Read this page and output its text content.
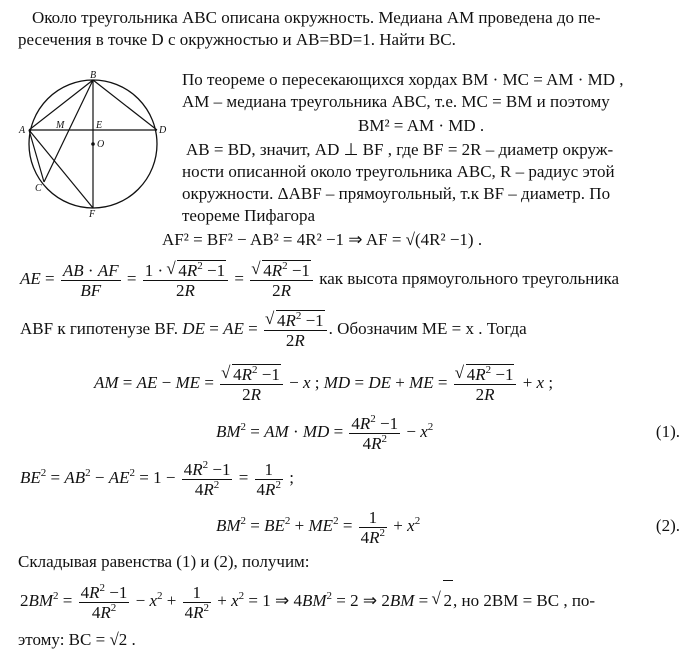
Около треугольника ABC описана окружность. Медиана AM проведена до пе-
ресечения в точке D с окружностью и AB=BD=1. Найти BC.
B
A	M	E	D
O
C
F
По теореме о пересекающихся хордах BM · MC = AM · MD ,
AM – медиана треугольника ABC, т.е. MC = BM и поэтому
BM² = AM · MD .
AB = BD, значит, AD ⊥ BF , где BF = 2R – диаметр окруж-
ности описанной около треугольника ABC, R – радиус этой
окружности. ΔABF – прямоугольный, т.к BF – диаметр. По
теореме Пифагора
AF² = BF² − AB² = 4R² −1 ⇒ AF = √(4R² −1) .
AE = $\frac{AB \cdot AF}{BF} = \frac{1 \cdot √ 4R^2 -1}{2R}$ = √ $\frac{4R^2 -1}{2R}$ как высота прямоугольного треугольника
ABF к гипотенузе BF. DE = AE = √ $\frac{4R^2 -1}{2R}$ . Обозначим ME = x . Тогда
AM = AE − ME = √ $\frac{4R^2 -1}{2R} - x$ ; MD = DE + ME = √ $\frac{4R^2 -1}{2R} + x$ ;
$BM^2$ = AM · MD = $\frac{4R^2 -1}{4R^2} - x^2$	(1).
$BE^2 = AB^2 - AE^2 = 1 - \frac{4R^2 -1}{4R^2} = \frac{1}{4R^2}$ ;
$BM^2 = BE^2 + ME^2 = \frac{1}{4R^2} + x^2$	(2).
Складывая равенства (1) и (2), получим:
$2BM^2 = \frac{4R^2 -1}{4R^2} - x^2 + \frac{1}{4R^2} + x^2 = 1$ ⇒ $4BM^2 = 2$ ⇒ 2BM = √ 2, но 2BM = BC , по-
этому: BC = √2 .
